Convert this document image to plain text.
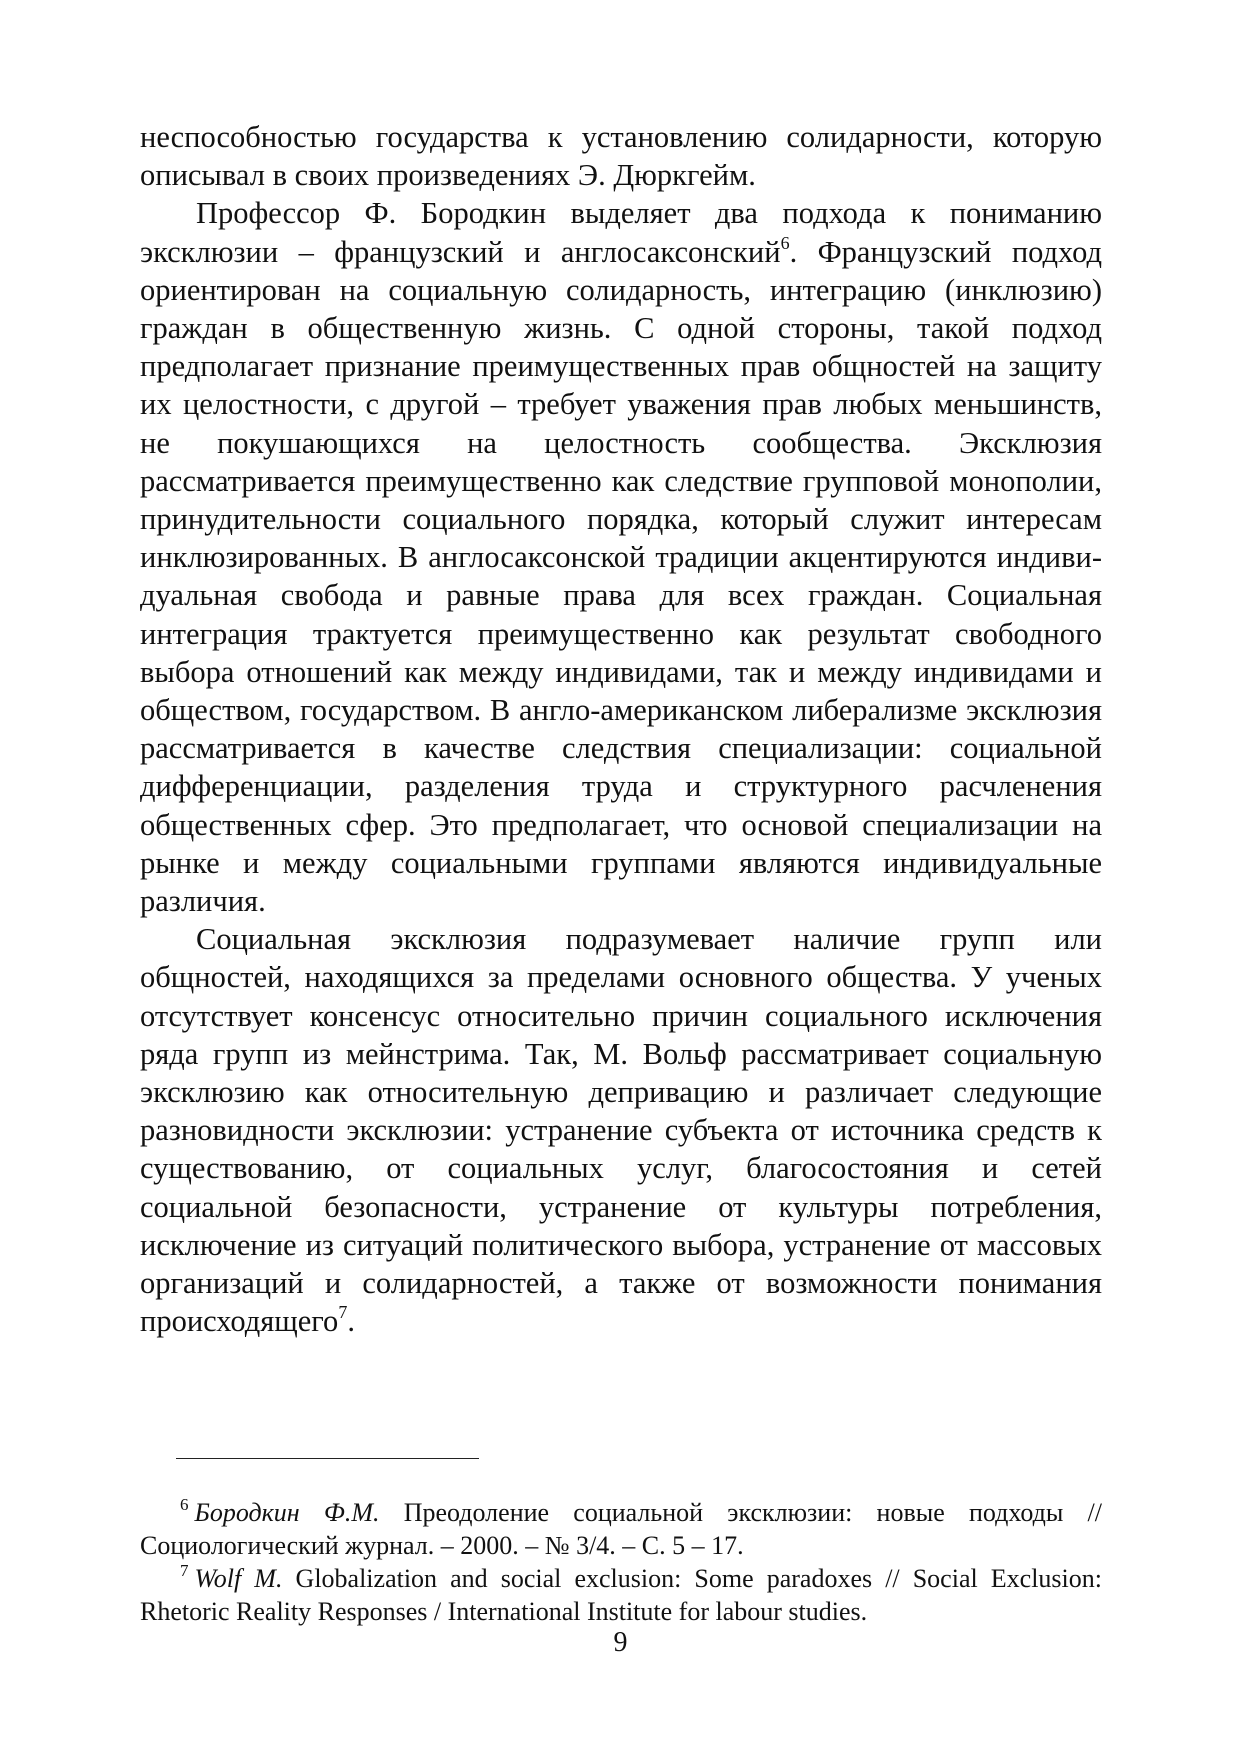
неспособностью государства к установлению солидарности, которую описывал в своих произведениях Э. Дюркгейм.

Профессор Ф. Бородкин выделяет два подхода к пониманию эксклюзии – французский и англосаксонский$^6$. Французский подход ориентирован на социальную солидарность, интеграцию (инклюзию) граждан в общественную жизнь. С одной стороны, такой подход предполагает признание преимущественных прав общностей на защиту их целостности, с другой – требует уважения прав любых меньшинств, не покушающихся на целостность сообщества. Эксклюзия рассматривается преимущественно как следствие групповой монополии, принудительности социального порядка, который служит интересам инклюзированных. В англосаксонской традиции акцентируются индивидуальная свобода и равные права для всех граждан. Социальная интеграция трактуется преимущественно как результат свободного выбора отношений как между индивидами, так и между индивидами и обществом, государством. В англо-американском либерализме эксклюзия рассматривается в качестве следствия специализации: социальной дифференциации, разделения труда и структурного расчленения общественных сфер. Это предполагает, что основой специализации на рынке и между социальными группами являются индивидуальные различия.

Социальная эксклюзия подразумевает наличие групп или общностей, находящихся за пределами основного общества. У ученых отсутствует консенсус относительно причин социального исключения ряда групп из мейнстрима. Так, М. Вольф рассматривает социальную эксклюзию как относительную депривацию и различает следующие разновидности эксклюзии: устранение субъекта от источника средств к существованию, от социальных услуг, благосостояния и сетей социальной безопасности, устранение от культуры потребления, исключение из ситуаций политического выбора, устранение от массовых организаций и солидарностей, а также от возможности понимания происходящего$^7$.

$^6$ Бородкин Ф.М. Преодоление социальной эксклюзии: новые подходы // Социологический журнал. – 2000. – № 3/4. – С. 5 – 17.

$^7$ Wolf M. Globalization and social exclusion: Some paradoxes // Social Exclusion: Rhetoric Reality Responses / International Institute for labour studies.

9
